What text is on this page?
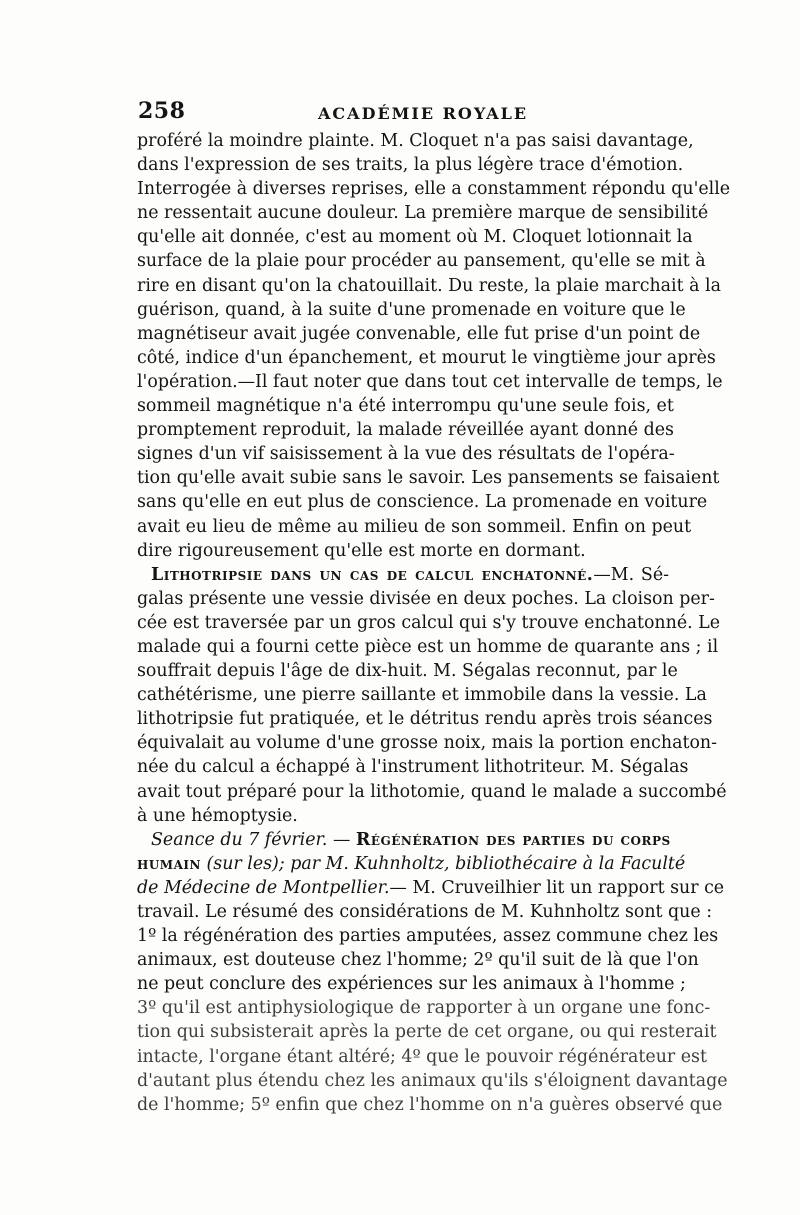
258	ACADÉMIE ROYALE
proféré la moindre plainte. M. Cloquet n'a pas saisi davantage,
dans l'expression de ses traits, la plus légère trace d'émotion.
Interrogée à diverses reprises, elle a constamment répondu qu'elle
ne ressentait aucune douleur. La première marque de sensibilité
qu'elle ait donnée, c'est au moment où M. Cloquet lotionnait la
surface de la plaie pour procéder au pansement, qu'elle se mit à
rire en disant qu'on la chatouillait. Du reste, la plaie marchait à la
guérison, quand, à la suite d'une promenade en voiture que le
magnétiseur avait jugée convenable, elle fut prise d'un point de
côté, indice d'un épanchement, et mourut le vingtième jour après
l'opération.—Il faut noter que dans tout cet intervalle de temps, le
sommeil magnétique n'a été interrompu qu'une seule fois, et
promptement reproduit, la malade réveillée ayant donné des
signes d'un vif saisissement à la vue des résultats de l'opéra-
tion qu'elle avait subie sans le savoir. Les pansements se faisaient
sans qu'elle en eut plus de conscience. La promenade en voiture
avait eu lieu de même au milieu de son sommeil. Enfin on peut
dire rigoureusement qu'elle est morte en dormant.
Lithotripsie dans un cas de calcul enchatonné.—M. Sé-
galas présente une vessie divisée en deux poches. La cloison per-
cée est traversée par un gros calcul qui s'y trouve enchatonné. Le
malade qui a fourni cette pièce est un homme de quarante ans ; il
souffrait depuis l'âge de dix-huit. M. Ségalas reconnut, par le
cathétérisme, une pierre saillante et immobile dans la vessie. La
lithotripsie fut pratiquée, et le détritus rendu après trois séances
équivalait au volume d'une grosse noix, mais la portion enchaton-
née du calcul a échappé à l'instrument lithotriteur. M. Ségalas
avait tout préparé pour la lithotomie, quand le malade a succombé
à une hémoptysie.
Seance du 7 février. — Régénération des parties du corps
humain (sur les); par M. Kuhnholtz, bibliothécaire à la Faculté
de Médecine de Montpellier.— M. Cruveilhier lit un rapport sur ce
travail. Le résumé des considérations de M. Kuhnholtz sont que :
1º la régénération des parties amputées, assez commune chez les
animaux, est douteuse chez l'homme; 2º qu'il suit de là que l'on
ne peut conclure des expériences sur les animaux à l'homme ;
3º qu'il est antiphysiologique de rapporter à un organe une fonc-
tion qui subsisterait après la perte de cet organe, ou qui resterait
intacte, l'organe étant altéré; 4º que le pouvoir régénérateur est
d'autant plus étendu chez les animaux qu'ils s'éloignent davantage
de l'homme; 5º enfin que chez l'homme on n'a guères observé que
